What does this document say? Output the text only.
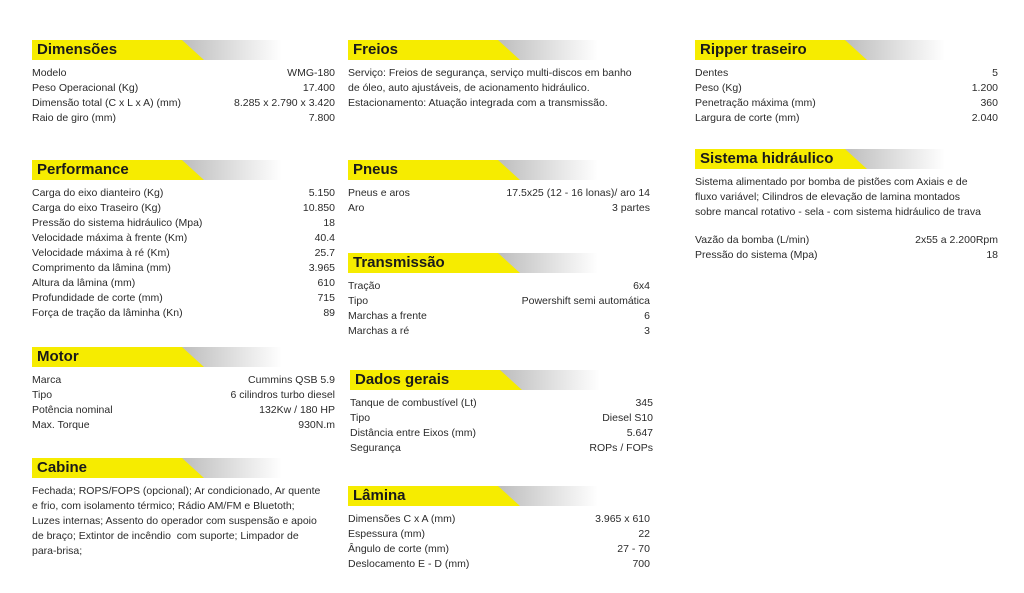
Dimensões
Modelo	WMG-180
Peso Operacional (Kg)	17.400
Dimensão total (C x L x A) (mm)	8.285 x 2.790 x 3.420
Raio de giro (mm)	7.800
Performance
Carga do eixo dianteiro (Kg)	5.150
Carga do eixo Traseiro (Kg)	10.850
Pressão do sistema hidráulico (Mpa)	18
Velocidade máxima à frente (Km)	40.4
Velocidade máxima à ré (Km)	25.7
Comprimento da lâmina (mm)	3.965
Altura da lâmina (mm)	610
Profundidade de corte (mm)	715
Força de tração da lâminha (Kn)	89
Motor
Marca	Cummins QSB 5.9
Tipo	6 cilindros turbo diesel
Potência nominal	132Kw / 180 HP
Max. Torque	930N.m
Cabine
Fechada; ROPS/FOPS (opcional); Ar condicionado, Ar quente
e frio, com isolamento térmico; Rádio AM/FM e Bluetoth;
Luzes internas; Assento do operador com suspensão e apoio
de braço; Extintor de incêndio  com suporte; Limpador de
para-brisa;
Freios
Serviço: Freios de segurança, serviço multi-discos em banho
de óleo, auto ajustáveis, de acionamento hidráulico.
Estacionamento: Atuação integrada com a transmissão.
Pneus
Pneus e aros	17.5x25 (12 - 16 lonas)/ aro 14
Aro	3 partes
Transmissão
Tração	6x4
Tipo	Powershift semi automática
Marchas a frente	6
Marchas a ré	3
Dados gerais
Tanque de combustível (Lt)	345
Tipo	Diesel S10
Distância entre Eixos (mm)	5.647
Segurança	ROPs / FOPs
Lâmina
Dimensões C x A (mm)	3.965 x 610
Espessura (mm)	22
Ângulo de corte (mm)	27 - 70
Deslocamento E - D (mm)	700
Ripper traseiro
Dentes	5
Peso (Kg)	1.200
Penetração máxima (mm)	360
Largura de corte (mm)	2.040
Sistema hidráulico
Sistema alimentado por bomba de pistões com Axiais e de
fluxo variável; Cilindros de elevação de lamina montados
sobre mancal rotativo - sela - com sistema hidráulico de trava
Vazão da bomba (L/min)	2x55 a 2.200Rpm
Pressão do sistema (Mpa)	18
